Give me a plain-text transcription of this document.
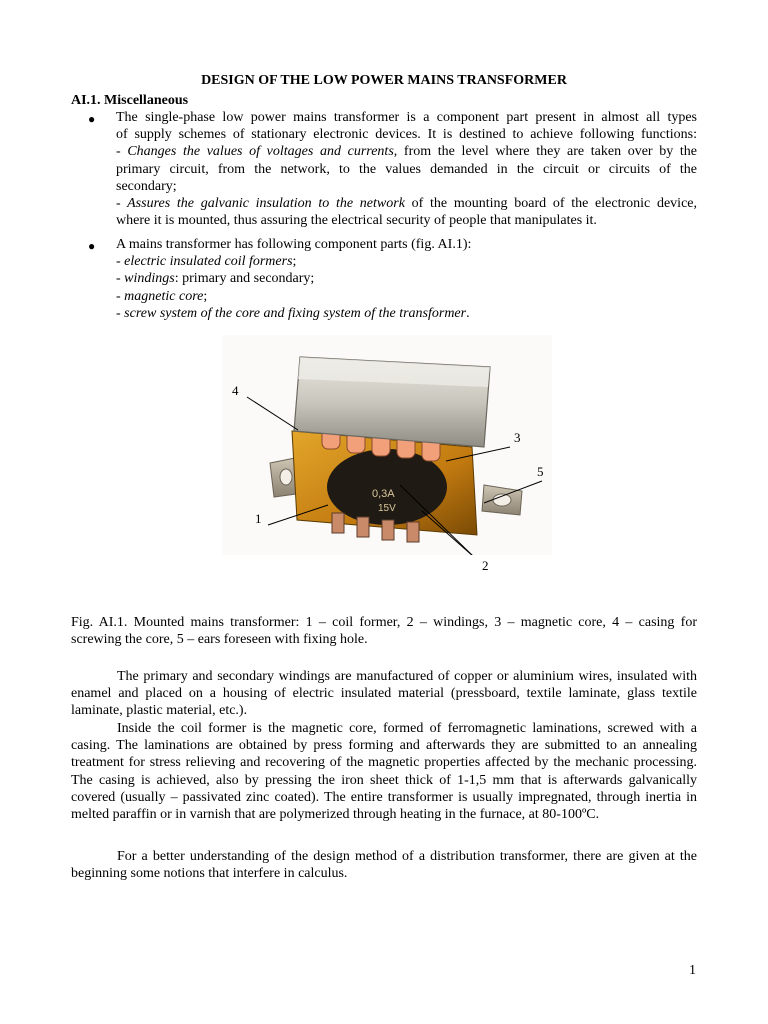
DESIGN OF THE LOW POWER MAINS TRANSFORMER
AI.1. Miscellaneous
● The single-phase low power mains transformer is a component part present in almost all types
of supply schemes of stationary electronic devices. It is destined to achieve following functions:
- Changes the values of voltages and currents, from the level where they are taken over by the
primary circuit, from the network, to the values demanded in the circuit or circuits of the
secondary;
- Assures the galvanic insulation to the network of the mounting board of the electronic device,
where it is mounted, thus assuring the electrical security of people that manipulates it.
● A mains transformer has following component parts (fig. AI.1):
- electric insulated coil formers;
- windings: primary and secondary;
- magnetic core;
- screw system of the core and fixing system of the transformer.
0,3A
15V
4
3
5
1
2
Fig. AI.1. Mounted mains transformer: 1 – coil former, 2 – windings, 3 – magnetic core, 4 – casing for screwing the core, 5 – ears foreseen with fixing hole.
The primary and secondary windings are manufactured of copper or aluminium wires, insulated with enamel and placed on a housing of electric insulated material (pressboard, textile laminate, glass textile laminate, plastic material, etc.).
Inside the coil former is the magnetic core, formed of ferromagnetic laminations, screwed with a casing. The laminations are obtained by press forming and afterwards they are submitted to an annealing treatment for stress relieving and recovering of the magnetic properties affected by the mechanic processing. The casing is achieved, also by pressing the iron sheet thick of 1-1,5 mm that is afterwards galvanically covered (usually – passivated zinc coated). The entire transformer is usually impregnated, through inertia in melted paraffin or in varnish that are polymerized through heating in the furnace, at 80-100ºC.
For a better understanding of the design method of a distribution transformer, there are given at the beginning some notions that interfere in calculus.
1
